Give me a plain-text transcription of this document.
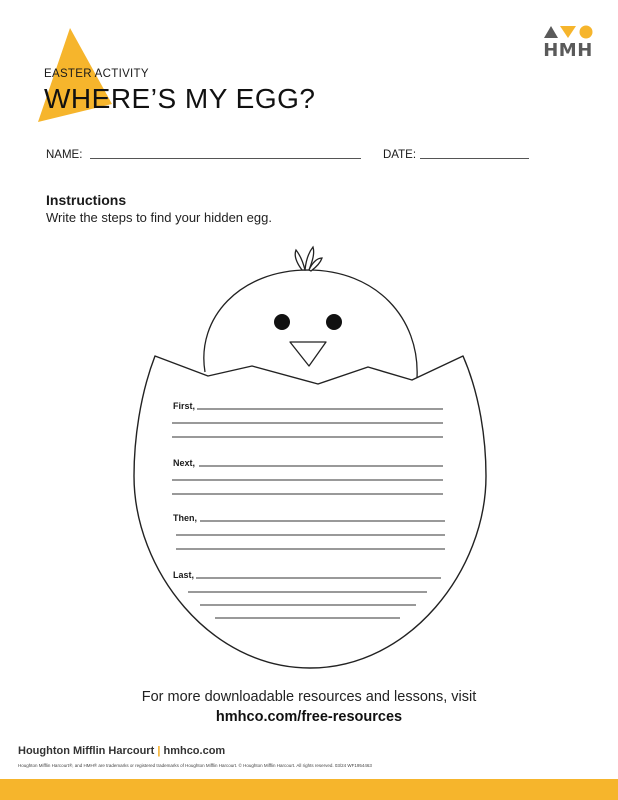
HMH
EASTER ACTIVITY
WHERE’S MY EGG?
NAME:	DATE:
Instructions
Write the steps to find your hidden egg.
First,
Next,
Then,
Last,
For more downloadable resources and lessons, visit
hmhco.com/free-resources
Houghton Mifflin Harcourt | hmhco.com
Houghton Mifflin Harcourt®, and HMH® are trademarks or registered trademarks of Houghton Mifflin Harcourt. © Houghton Mifflin Harcourt. All rights reserved. 03/24 WF1954463
